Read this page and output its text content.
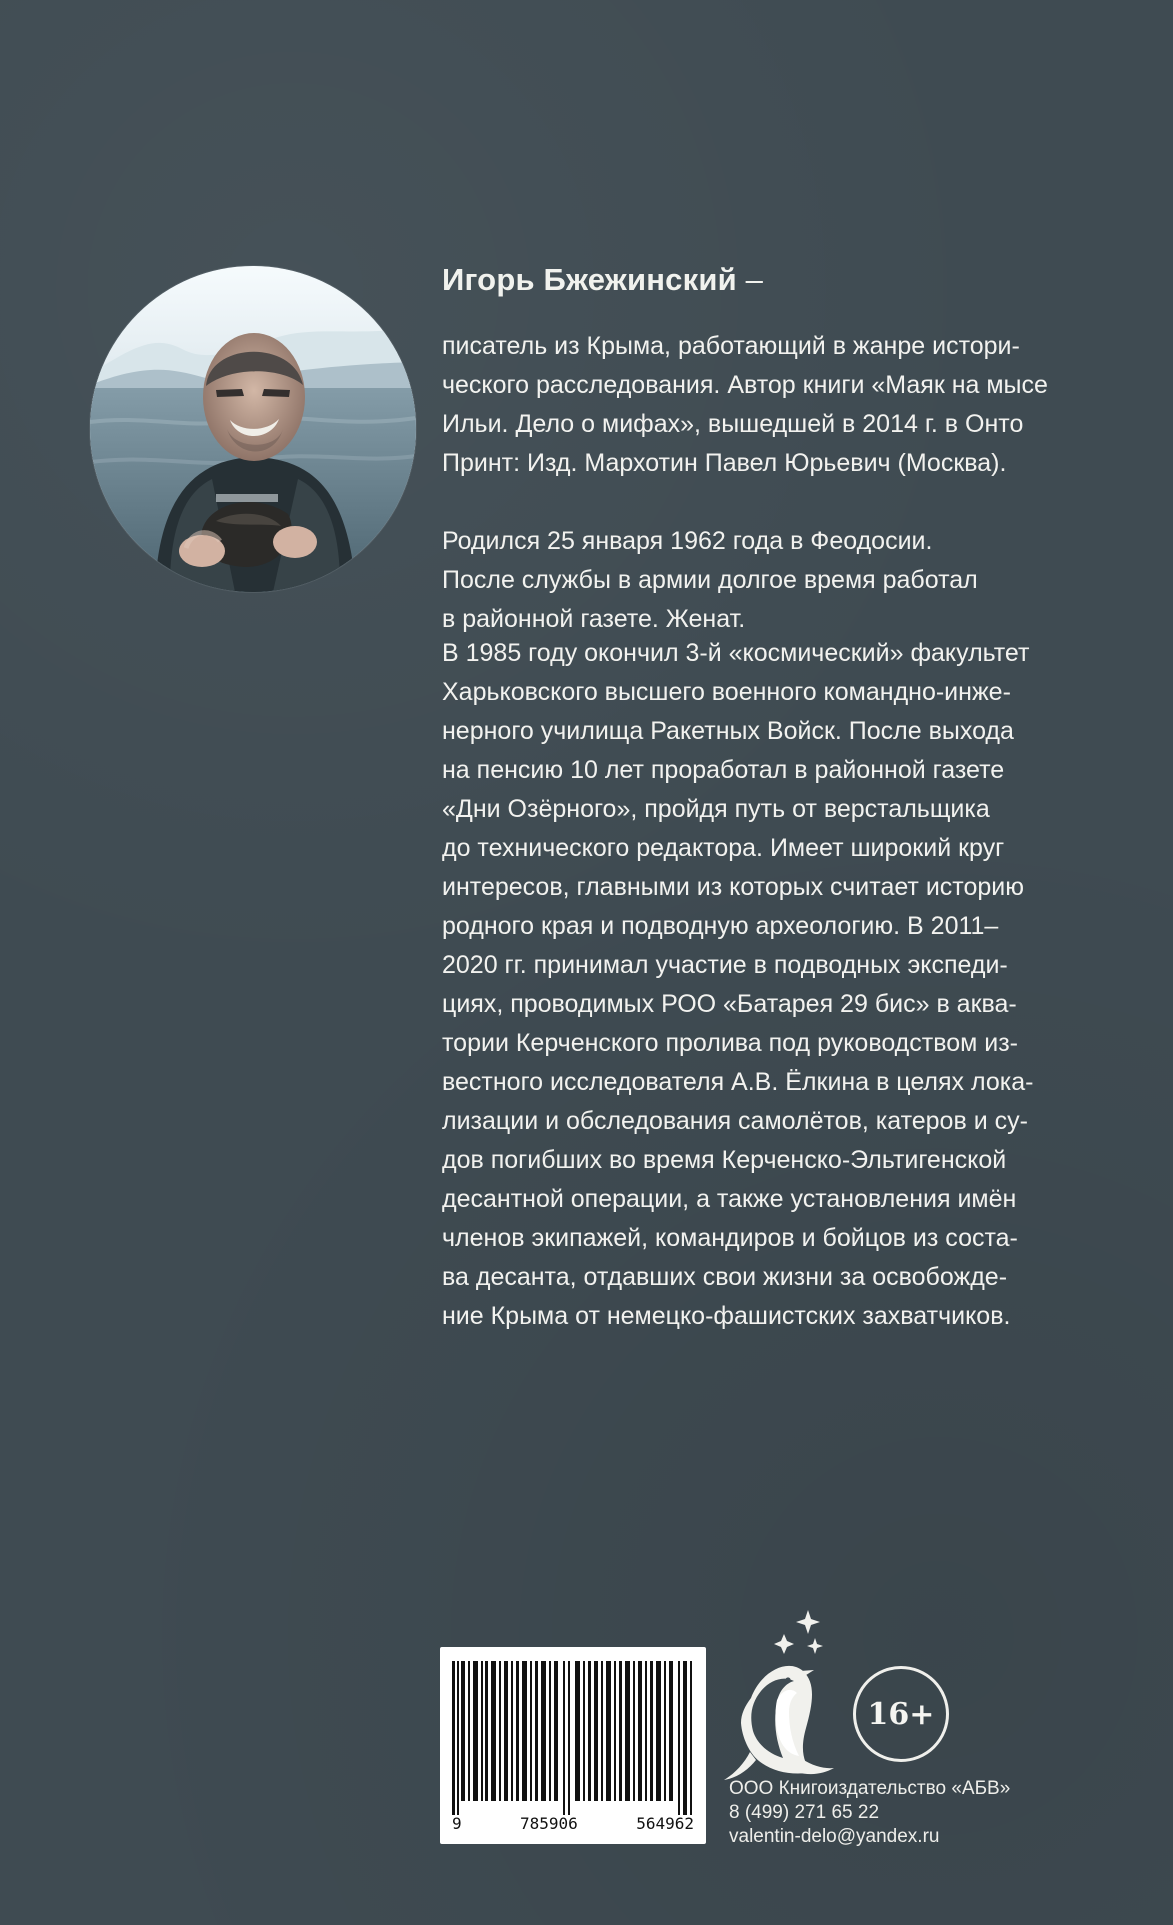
Игорь Бжежинский –

писатель из Крыма, работающий в жанре истори-
ческого расследования. Автор книги «Маяк на мысе
Ильи. Дело о мифах», вышедшей в 2014 г. в Онто
Принт: Изд. Мархотин Павел Юрьевич (Москва).

Родился 25 января 1962 года в Феодосии.
После службы в армии долгое время работал
в районной газете. Женат.

В 1985 году окончил 3-й «космический» факультет
Харьковского высшего военного командно-инже-
нерного училища Ракетных Войск. После выхода
на пенсию 10 лет проработал в районной газете
«Дни Озёрного», пройдя путь от верстальщика
до технического редактора. Имеет широкий круг
интересов, главными из которых считает историю
родного края и подводную археологию. В 2011–
2020 гг. принимал участие в подводных экспеди-
циях, проводимых РОО «Батарея 29 бис» в аква-
тории Керченского пролива под руководством из-
вестного исследователя А.В. Ёлкина в целях лока-
лизации и обследования самолётов, катеров и су-
дов погибших во время Керченско-Эльтигенской
десантной операции, а также установления имён
членов экипажей, командиров и бойцов из соста-
ва десанта, отдавших свои жизни за освобожде-
ние Крыма от немецко-фашистских захватчиков.

9	785906	564962
16+
ООО Книгоиздательство «АБВ»
8 (499) 271 65 22
valentin-delo@yandex.ru
